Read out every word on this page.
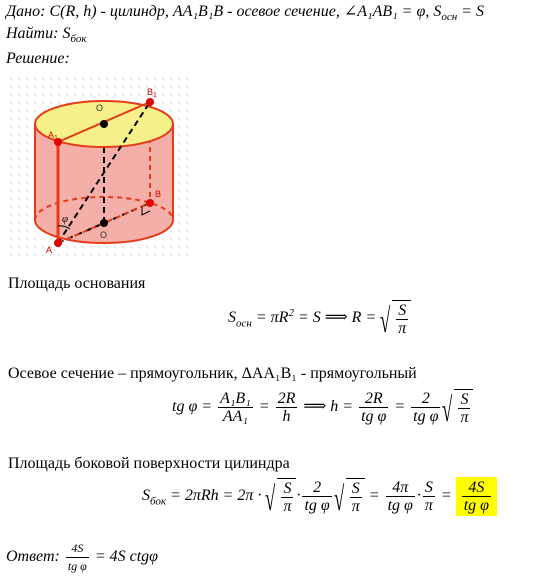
Дано: C(R, h) - цилиндр, AA₁B₁B - осевое сечение, ∠A₁AB₁ = φ, $S_{осн} = S$
Найти: $S_{бок}$
Решение:
φ
O
$B_1$
$A_1$
B
O
A
Площадь основания
$S_{осн} = \pi R^2 = S$ ⟹ R = √ $\frac{S}{\pi}$
Осевое сечение – прямоугольник, ΔAA₁B₁ - прямоугольный
tg $\varphi = \frac{\text{A₁B₁}}{\text{AA₁}} = \frac{2R}{h}$ ⟹ $h = \frac{2R}{\text{tg φ}} = \frac{2}{\text{tg φ}}$ √ $\frac{S}{\pi}$
Площадь боковой поверхности цилиндра
$S_{бок} = 2\pi Rh = 2\pi$ · √ $\frac{S}{\pi} \cdot \frac{2}{\text{tg φ}}$ √ $\frac{S}{\pi} = \frac{4\pi}{\text{tg φ}} \cdot \frac{S}{\pi} = \frac{4S}{\text{tg φ}}$
Ответ: $\frac{4S}{\text{tg φ}} = 4S$ ctgφ
